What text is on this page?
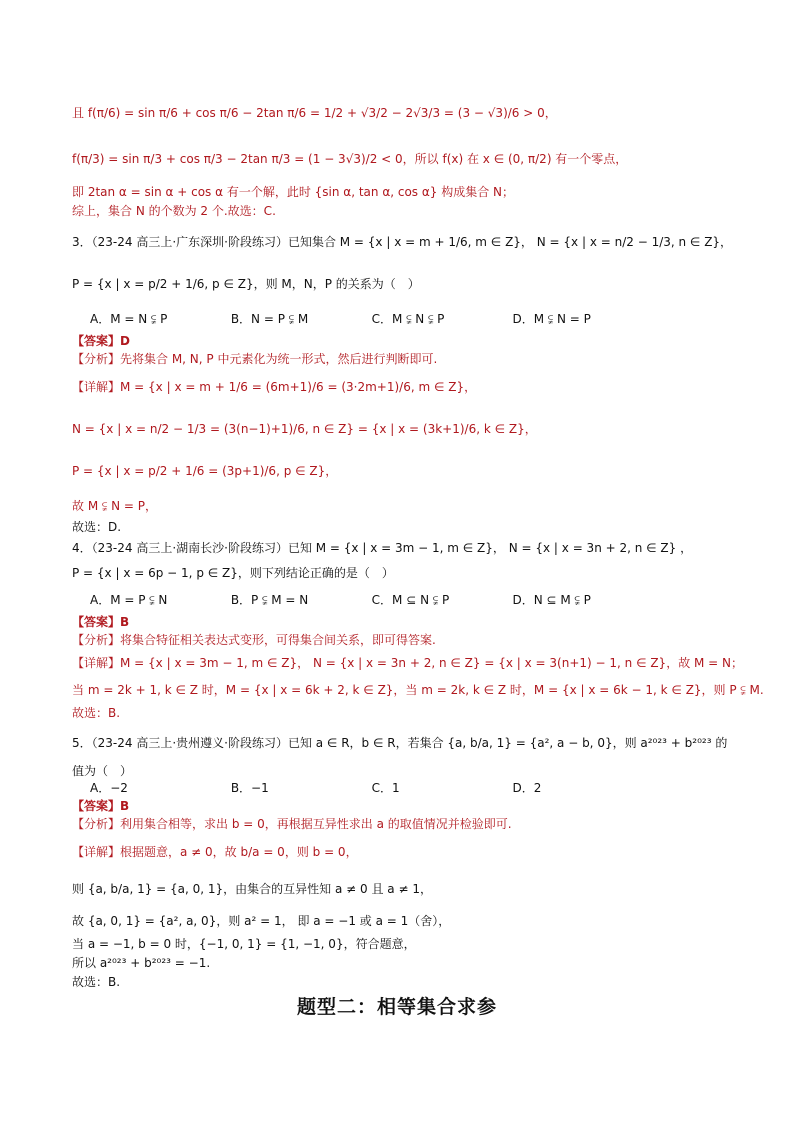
且 f(π/6) = sin π/6 + cos π/6 − 2tan π/6 = 1/2 + √3/2 − 2√3/3 = (3 − √3)/6 > 0，
f(π/3) = sin π/3 + cos π/3 − 2tan π/3 = (1 − 3√3)/2 < 0，所以 f(x) 在 x ∈ (0, π/2) 有一个零点，
即 2tan α = sin α + cos α 有一个解，此时 {sin α, tan α, cos α} 构成集合 N；
综上，集合 N 的个数为 2 个.故选：C.
3．（23-24 高三上·广东深圳·阶段练习）已知集合 M = {x | x = m + 1/6, m ∈ Z}， N = {x | x = n/2 − 1/3, n ∈ Z}，
P = {x | x = p/2 + 1/6, p ∈ Z}，则 M，N，P 的关系为（　）
【答案】D
【分析】先将集合 M, N, P 中元素化为统一形式，然后进行判断即可.
【详解】M = {x | x = m + 1/6 = (6m+1)/6 = (3·2m+1)/6, m ∈ Z}，
N = {x | x = n/2 − 1/3 = (3(n−1)+1)/6, n ∈ Z} = {x | x = (3k+1)/6, k ∈ Z}，
P = {x | x = p/2 + 1/6 = (3p+1)/6, p ∈ Z}，
故 M ⫋ N = P，
故选：D.
4．（23-24 高三上·湖南长沙·阶段练习）已知 M = {x | x = 3m − 1, m ∈ Z}， N = {x | x = 3n + 2, n ∈ Z} ，
P = {x | x = 6p − 1, p ∈ Z}，则下列结论正确的是（　）
【答案】B
【分析】将集合特征相关表达式变形，可得集合间关系，即可得答案.
【详解】M = {x | x = 3m − 1, m ∈ Z}， N = {x | x = 3n + 2, n ∈ Z} = {x | x = 3(n+1) − 1, n ∈ Z}，故 M = N；
当 m = 2k + 1, k ∈ Z 时，M = {x | x = 6k + 2, k ∈ Z}，当 m = 2k, k ∈ Z 时，M = {x | x = 6k − 1, k ∈ Z}，则 P ⫋ M.
故选：B.
5．（23-24 高三上·贵州遵义·阶段练习）已知 a ∈ R，b ∈ R，若集合 {a, b/a, 1} = {a², a − b, 0}，则 a²⁰²³ + b²⁰²³ 的
值为（　）
【答案】B
【分析】利用集合相等，求出 b = 0，再根据互异性求出 a 的取值情况并检验即可.
【详解】根据题意，a ≠ 0，故 b/a = 0，则 b = 0，
则 {a, b/a, 1} = {a, 0, 1}，由集合的互异性知 a ≠ 0 且 a ≠ 1，
故 {a, 0, 1} = {a², a, 0}，则 a² = 1， 即 a = −1 或 a = 1（舍），
当 a = −1, b = 0 时，{−1, 0, 1} = {1, −1, 0}，符合题意，
所以 a²⁰²³ + b²⁰²³ = −1.
故选：B.
A．M = N ⫋ P	B．N = P ⫋ M	C．M ⫋ N ⫋ P	D．M ⫋ N = P
A．M = P ⫋ N	B．P ⫋ M = N	C．M ⊆ N ⫋ P	D．N ⊆ M ⫋ P
A．−2	B．−1	C．1	D．2
题型二：相等集合求参
